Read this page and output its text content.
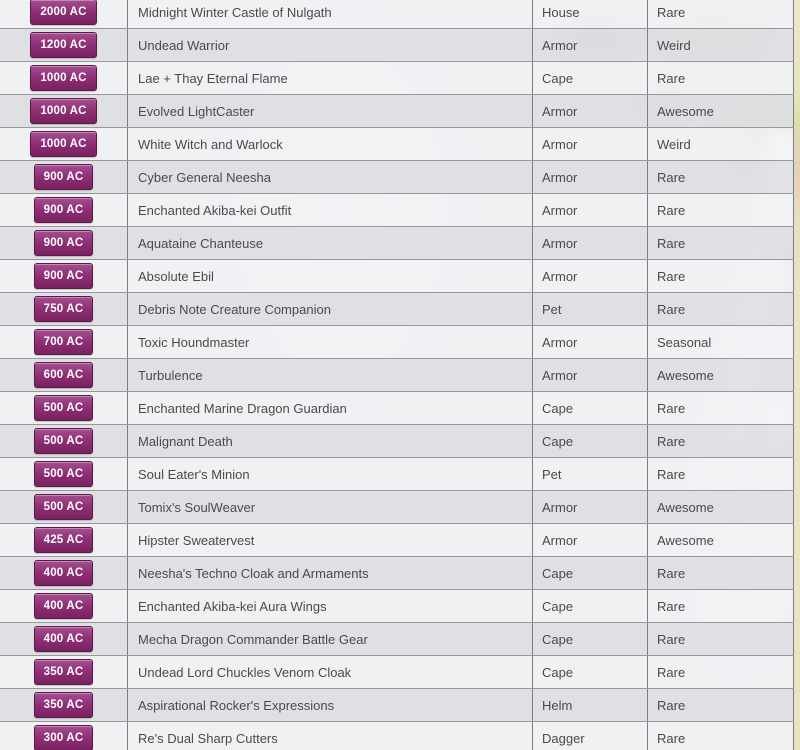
2000 AC	Midnight Winter Castle of Nulgath	House	Rare
1200 AC	Undead Warrior	Armor	Weird
1000 AC	Lae + Thay Eternal Flame	Cape	Rare
1000 AC	Evolved LightCaster	Armor	Awesome
1000 AC	White Witch and Warlock	Armor	Weird
900 AC	Cyber General Neesha	Armor	Rare
900 AC	Enchanted Akiba-kei Outfit	Armor	Rare
900 AC	Aquataine Chanteuse	Armor	Rare
900 AC	Absolute Ebil	Armor	Rare
750 AC	Debris Note Creature Companion	Pet	Rare
700 AC	Toxic Houndmaster	Armor	Seasonal
600 AC	Turbulence	Armor	Awesome
500 AC	Enchanted Marine Dragon Guardian	Cape	Rare
500 AC	Malignant Death	Cape	Rare
500 AC	Soul Eater's Minion	Pet	Rare
500 AC	Tomix's SoulWeaver	Armor	Awesome
425 AC	Hipster Sweatervest	Armor	Awesome
400 AC	Neesha's Techno Cloak and Armaments	Cape	Rare
400 AC	Enchanted Akiba-kei Aura Wings	Cape	Rare
400 AC	Mecha Dragon Commander Battle Gear	Cape	Rare
350 AC	Undead Lord Chuckles Venom Cloak	Cape	Rare
350 AC	Aspirational Rocker's Expressions	Helm	Rare
300 AC	Re's Dual Sharp Cutters	Dagger	Rare
